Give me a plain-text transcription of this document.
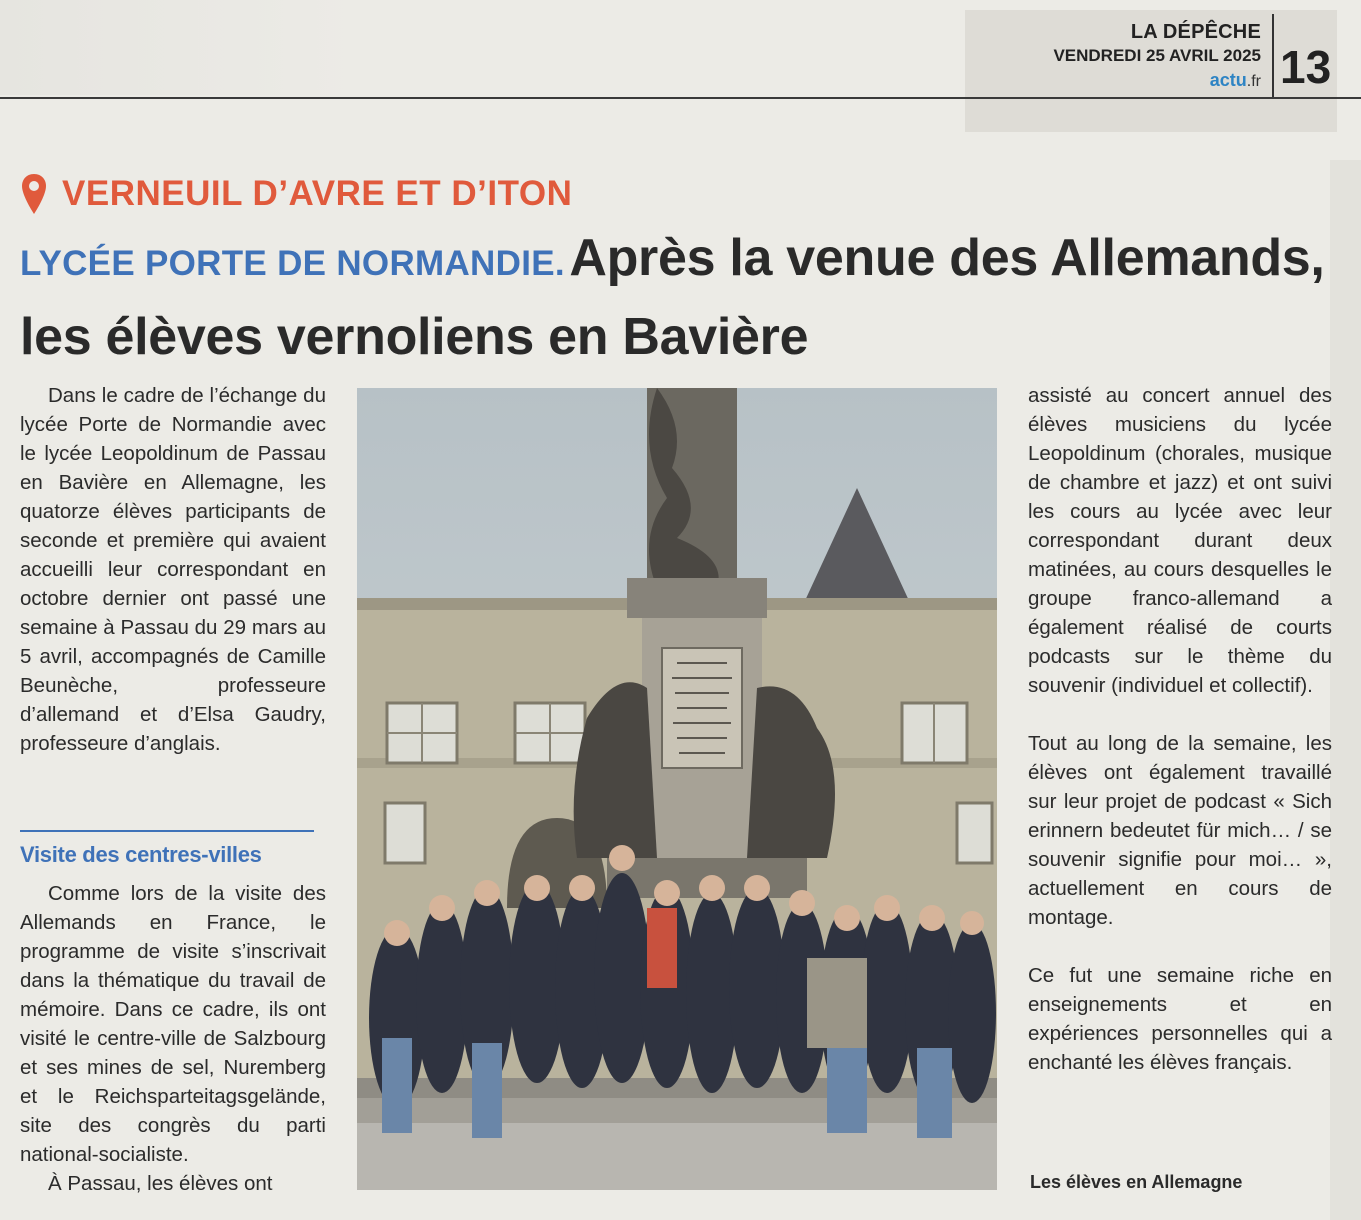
LA DÉPÊCHE
VENDREDI 25 AVRIL 2025
actu.fr 13
VERNEUIL D’AVRE ET D’ITON
LYCÉE PORTE DE NORMANDIE. Après la venue des Allemands, les élèves vernoliens en Bavière

Dans le cadre de l’échange du lycée Porte de Normandie avec le lycée Leopoldinum de Passau en Bavière en Allemagne, les quatorze élèves participants de seconde et première qui avaient accueilli leur correspondant en octobre dernier ont passé une semaine à Passau du 29 mars au 5 avril, accompagnés de Camille Beunèche, professeure d’allemand et d’Elsa Gaudry, professeure d’anglais.

Visite des centres-villes

Comme lors de la visite des Allemands en France, le programme de visite s’inscrivait dans la thématique du travail de mémoire. Dans ce cadre, ils ont visité le centre-ville de Salzbourg et ses mines de sel, Nuremberg et le Reichsparteitagsgelände, site des congrès du parti national-socialiste.

À Passau, les élèves ont

assisté au concert annuel des élèves musiciens du lycée Leopoldinum (chorales, musique de chambre et jazz) et ont suivi les cours au lycée avec leur correspondant durant deux matinées, au cours desquelles le groupe franco-allemand a également réalisé de courts podcasts sur le thème du souvenir (individuel et collectif).

Tout au long de la semaine, les élèves ont également travaillé sur leur projet de podcast « Sich erinnern bedeutet für mich… / se souvenir signifie pour moi… », actuellement en cours de montage.

Ce fut une semaine riche en enseignements et en expériences personnelles qui a enchanté les élèves français.

Les élèves en Allemagne
